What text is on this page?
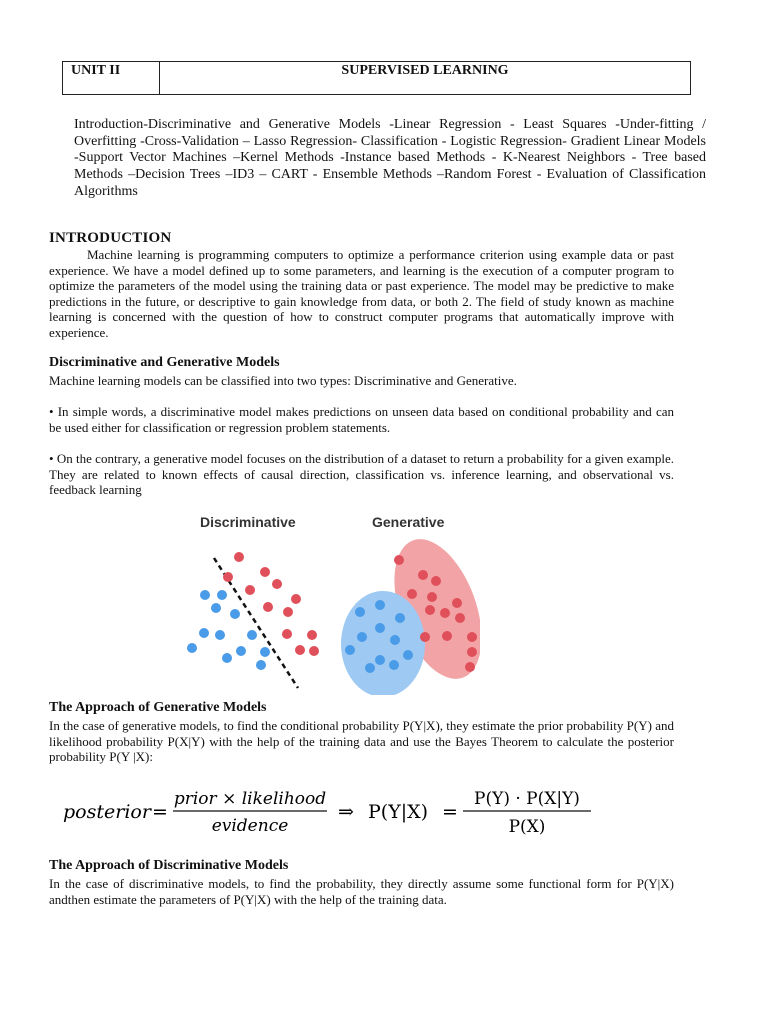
UNIT II	SUPERVISED LEARNING

Introduction-Discriminative and Generative Models -Linear Regression - Least Squares -Under-fitting / Overfitting -Cross-Validation – Lasso Regression- Classification - Logistic Regression- Gradient Linear Models -Support Vector Machines –Kernel Methods -Instance based Methods - K-Nearest Neighbors - Tree based Methods –Decision Trees –ID3 – CART - Ensemble Methods –Random Forest - Evaluation of Classification Algorithms

INTRODUCTION

Machine learning is programming computers to optimize a performance criterion using example data or past experience. We have a model defined up to some parameters, and learning is the execution of a computer program to optimize the parameters of the model using the training data or past experience. The model may be predictive to make predictions in the future, or descriptive to gain knowledge from data, or both 2. The field of study known as machine learning is concerned with the question of how to construct computer programs that automatically improve with experience.

Discriminative and Generative Models

Machine learning models can be classified into two types: Discriminative and Generative.

• In simple words, a discriminative model makes predictions on unseen data based on conditional probability and can be used either for classification or regression problem statements.

• On the contrary, a generative model focuses on the distribution of a dataset to return a probability for a given example. They are related to known effects of causal direction, classification vs. inference learning, and observational vs. feedback learning

Discriminative	Generative
The Approach of Generative Models

In the case of generative models, to find the conditional probability P(Y|X), they estimate the prior probability P(Y) and likelihood probability P(X|Y) with the help of the training data and use the Bayes Theorem to calculate the posterior probability P(Y |X):

posterior =
prior × likelihood
evidence
⇒ P(Y|X) =
P(Y) · P(X|Y)
P(X)
The Approach of Discriminative Models

In the case of discriminative models, to find the probability, they directly assume some functional form for P(Y|X) andthen estimate the parameters of P(Y|X) with the help of the training data.
